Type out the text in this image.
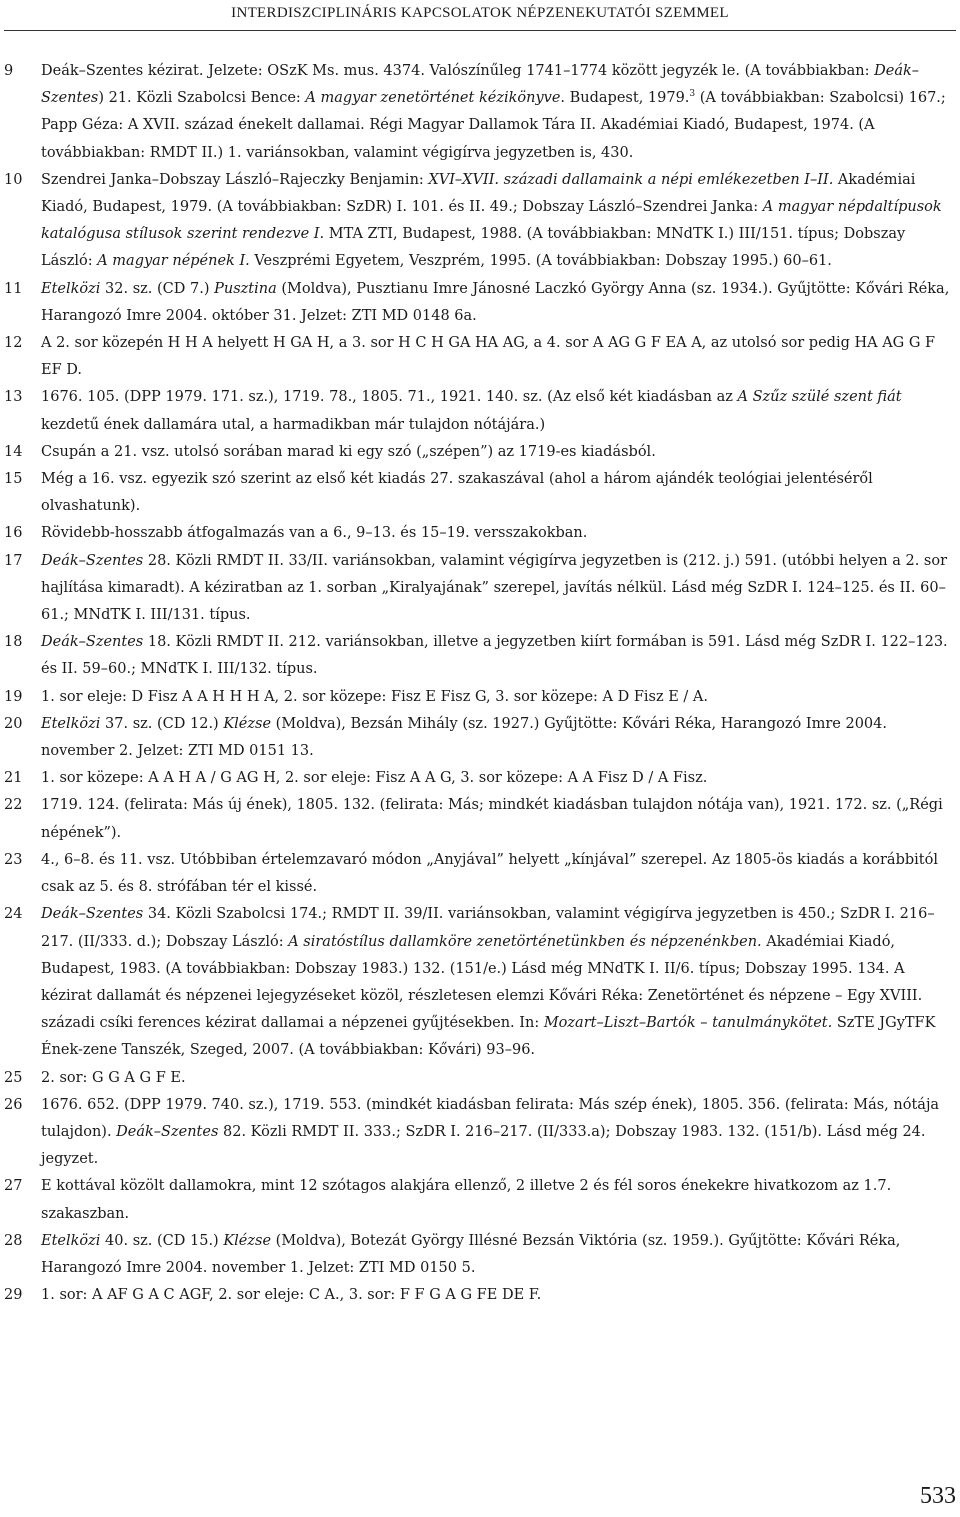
INTERDISZCIPLINÁRIS KAPCSOLATOK NÉPZENEKUTATÓI SZEMMEL

9	Deák–Szentes kézirat. Jelzete: OSzK Ms. mus. 4374. Valószínűleg 1741–1774 között jegyzék le. (A továbbiakban: Deák–Szentes) 21. Közli Szabolcsi Bence: A magyar zenetörténet kézikönyve. Budapest, 1979.$^3$ (A továbbiakban: Szabolcsi) 167.; Papp Géza: A XVII. század énekelt dallamai. Régi Magyar Dallamok Tára II. Akadémiai Kiadó, Budapest, 1974. (A továbbiakban: RMDT II.) 1. variánsokban, valamint végigírva jegyzetben is, 430.

10	Szendrei Janka–Dobszay László–Rajeczky Benjamin: XVI–XVII. századi dallamaink a népi emlékezetben I–II. Akadémiai Kiadó, Budapest, 1979. (A továbbiakban: SzDR) I. 101. és II. 49.; Dobszay László–Szendrei Janka: A magyar népdaltípusok katalógusa stílusok szerint rendezve I. MTA ZTI, Budapest, 1988. (A továbbiakban: MNdTK I.) III/151. típus; Dobszay László: A magyar népének I. Veszprémi Egyetem, Veszprém, 1995. (A továbbiakban: Dobszay 1995.) 60–61.

11	Etelközi 32. sz. (CD 7.) Pusztina (Moldva), Pusztianu Imre Jánosné Laczkó György Anna (sz. 1934.). Gyűjtötte: Kővári Réka, Harangozó Imre 2004. október 31. Jelzet: ZTI MD 0148 6a.

12	A 2. sor közepén H H A helyett H GA H, a 3. sor H C H GA HA AG, a 4. sor A AG G F EA A, az utolsó sor pedig HA AG G F EF D.

13	1676. 105. (DPP 1979. 171. sz.), 1719. 78., 1805. 71., 1921. 140. sz. (Az első két kiadásban az A Szűz szülé szent fiát kezdetű ének dallamára utal, a harmadikban már tulajdon nótájára.)

14	Csupán a 21. vsz. utolsó sorában marad ki egy szó („szépen”) az 1719-es kiadásból.

15	Még a 16. vsz. egyezik szó szerint az első két kiadás 27. szakaszával (ahol a három ajándék teológiai jelentéséről olvashatunk).

16	Rövidebb-hosszabb átfogalmazás van a 6., 9–13. és 15–19. versszakokban.

17	Deák–Szentes 28. Közli RMDT II. 33/II. variánsokban, valamint végigírva jegyzetben is (212. j.) 591. (utóbbi helyen a 2. sor hajlítása kimaradt). A kéziratban az 1. sorban „Kiralyajának” szerepel, javítás nélkül. Lásd még SzDR I. 124–125. és II. 60–61.; MNdTK I. III/131. típus.

18	Deák–Szentes 18. Közli RMDT II. 212. variánsokban, illetve a jegyzetben kiírt formában is 591. Lásd még SzDR I. 122–123. és II. 59–60.; MNdTK I. III/132. típus.

19	1. sor eleje: D Fisz A A H H H A, 2. sor közepe: Fisz E Fisz G, 3. sor közepe: A D Fisz E / A.

20	Etelközi 37. sz. (CD 12.) Klézse (Moldva), Bezsán Mihály (sz. 1927.) Gyűjtötte: Kővári Réka, Harangozó Imre 2004. november 2. Jelzet: ZTI MD 0151 13.

21	1. sor közepe: A A H A / G AG H, 2. sor eleje: Fisz A A G, 3. sor közepe: A A Fisz D / A Fisz.

22	1719. 124. (felirata: Más új ének), 1805. 132. (felirata: Más; mindkét kiadásban tulajdon nótája van), 1921. 172. sz. („Régi népének”).

23	4., 6–8. és 11. vsz. Utóbbiban értelemzavaró módon „Anyjával” helyett „kínjával” szerepel. Az 1805-ös kiadás a korábbitól csak az 5. és 8. strófában tér el kissé.

24	Deák–Szentes 34. Közli Szabolcsi 174.; RMDT II. 39/II. variánsokban, valamint végigírva jegyzetben is 450.; SzDR I. 216–217. (II/333. d.); Dobszay László: A siratóstílus dallamköre zenetörténetünkben és népzenénkben. Akadémiai Kiadó, Budapest, 1983. (A továbbiakban: Dobszay 1983.) 132. (151/e.) Lásd még MNdTK I. II/6. típus; Dobszay 1995. 134. A kézirat dallamát és népzenei lejegyzéseket közöl, részletesen elemzi Kővári Réka: Zenetörténet és népzene – Egy XVIII. századi csíki ferences kézirat dallamai a népzenei gyűjtésekben. In: Mozart–Liszt–Bartók – tanulmánykötet. SzTE JGyTFK Ének-zene Tanszék, Szeged, 2007. (A továbbiakban: Kővári) 93–96.

25	2. sor: G G A G F E.

26	1676. 652. (DPP 1979. 740. sz.), 1719. 553. (mindkét kiadásban felirata: Más szép ének), 1805. 356. (felirata: Más, nótája tulajdon). Deák–Szentes 82. Közli RMDT II. 333.; SzDR I. 216–217. (II/333.a); Dobszay 1983. 132. (151/b). Lásd még 24. jegyzet.

27	E kottával közölt dallamokra, mint 12 szótagos alakjára ellenző, 2 illetve 2 és fél soros énekekre hivatkozom az 1.7. szakaszban.

28	Etelközi 40. sz. (CD 15.) Klézse (Moldva), Botezát György Illésné Bezsán Viktória (sz. 1959.). Gyűjtötte: Kővári Réka, Harangozó Imre 2004. november 1. Jelzet: ZTI MD 0150 5.

29	1. sor: A AF G A C AGF, 2. sor eleje: C A., 3. sor: F F G A G FE DE F.

533
